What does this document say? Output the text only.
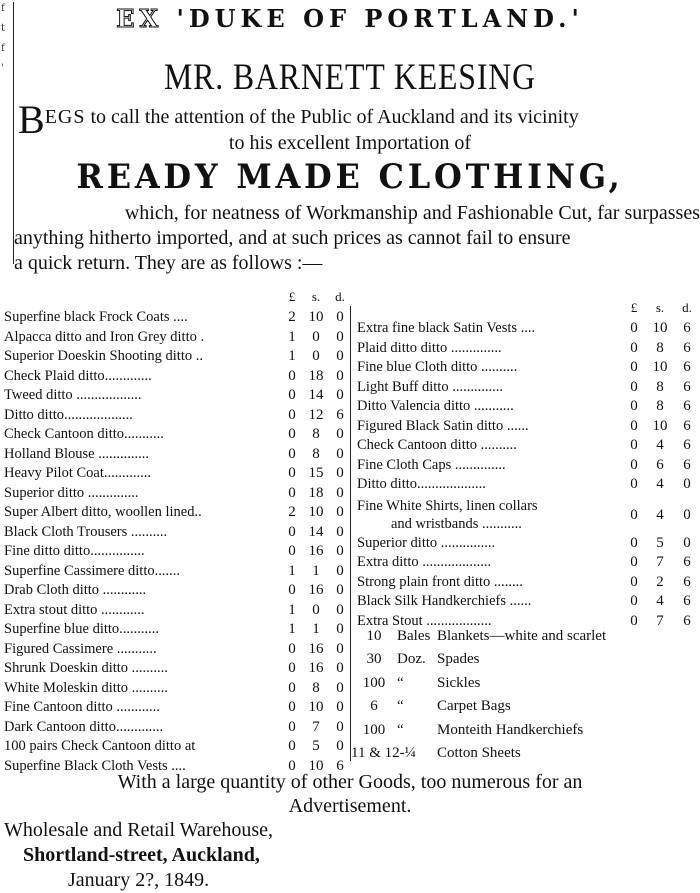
f
t
f
'
EX 'DUKE OF PORTLAND.'
MR. BARNETT KEESING
BEGS to call the attention of the Public of Auckland and its vicinity
to his excellent Importation of
READY MADE CLOTHING,
which, for neatness of Workmanship and Fashionable Cut, far surpasses
anything hitherto imported, and at such prices as cannot fail to ensure
a quick return. They are as follows :—
£	s.	d.
Superfine black Frock Coats ....	2 10 0
Alpacca ditto and Iron Grey ditto .	1	0	0
Superior Doeskin Shooting ditto ..	1	0	0
Check Plaid ditto.............	0 18 0
Tweed ditto ..................	0 14 0
Ditto ditto...................	0 12 6
Check Cantoon ditto...........	0	8	0
Holland Blouse ..............	0	8	0
Heavy Pilot Coat.............	0 15 0
Superior ditto ..............	0 18 0
Super Albert ditto, woollen lined..	2 10 0
Black Cloth Trousers ..........	0 14 0
Fine ditto ditto...............	0 16 0
Superfine Cassimere ditto.......	1	1	0
Drab Cloth ditto ............	0 16 0
Extra stout ditto ............	1	0	0
Superfine blue ditto...........	1	1	0
Figured Cassimere ...........	0 16 0
Shrunk Doeskin ditto ..........	0 16 0
White Moleskin ditto ..........	0	8	0
Fine Cantoon ditto ............	0 10 0
Dark Cantoon ditto.............	0	7	0
100 pairs Check Cantoon ditto at	0	5	0
Superfine Black Cloth Vests ....	0 10 6
£	s.	d.
Extra fine black Satin Vests ....	0 10	6
Plaid ditto ditto ..............	0	8	6
Fine blue Cloth ditto ..........	0 10	6
Light Buff ditto ..............	0	8	6
Ditto Valencia ditto ...........	0	8	6
Figured Black Satin ditto ......	0 10	6
Check Cantoon ditto ..........	0	4	6
Fine Cloth Caps ..............	0	6	6
Ditto ditto...................	0	4	0
Fine White Shirts, linen collars
and wristbands ...........
0	4	0
Superior ditto ...............	0	5	0
Extra ditto ...................	0	7	6
Strong plain front ditto ........	0	2	6
Black Silk Handkerchiefs ......	0	4	6
Extra Stout ..................	0	7	6
10	Bales Blankets—white and scarlet
30	Doz. Spades
100 “	Sickles
6	“	Carpet Bags
100 “	Monteith Handkerchiefs
11 & 12-¼ Cotton Sheets
With a large quantity of other Goods, too numerous for an
Advertisement.
Wholesale and Retail Warehouse,
Shortland-street, Auckland,
January 2?, 1849.
